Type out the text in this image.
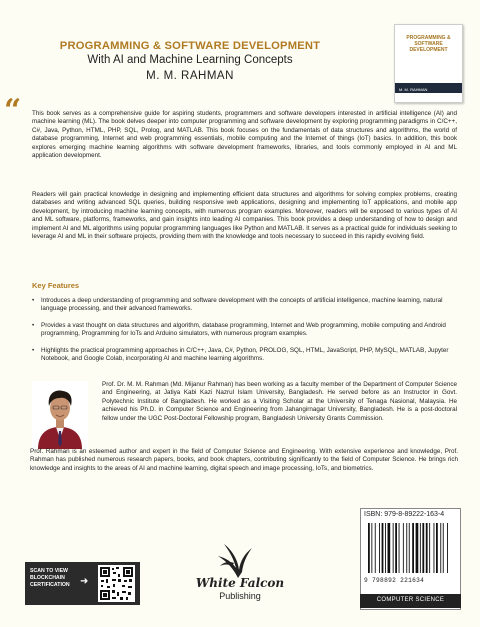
PROGRAMMING & SOFTWARE DEVELOPMENT
With AI and Machine Learning Concepts
M. M. RAHMAN
PROGRAMMING & SOFTWARE DEVELOPMENT
M. M. RAHMAN
“ This book serves as a comprehensive guide for aspiring students, programmers and software developers interested in artificial intelligence (AI) and machine learning (ML). The book delves deeper into computer programming and software development by exploring programming paradigms in C/C++, C#, Java, Python, HTML, PHP, SQL, Prolog, and MATLAB. This book focuses on the fundamentals of data structures and algorithms, the world of database programming, Internet and web programming essentials, mobile computing and the Internet of things (IoT) basics. In addition, this book explores emerging machine learning algorithms with software development frameworks, libraries, and tools commonly employed in AI and ML application development.
Readers will gain practical knowledge in designing and implementing efficient data structures and algorithms for solving complex problems, creating databases and writing advanced SQL queries, building responsive web applications, designing and implementing IoT applications, and mobile app development, by introducing machine learning concepts, with numerous program examples. Moreover, readers will be exposed to various types of AI and ML software, platforms, frameworks, and gain insights into leading AI companies. This book provides a deep understanding of how to design and implement AI and ML algorithms using popular programming languages like Python and MATLAB. It serves as a practical guide for individuals seeking to leverage AI and ML in their software projects, providing them with the knowledge and tools necessary to succeed in this rapidly evolving field.
Key Features
• Introduces a deep understanding of programming and software development with the concepts of artificial intelligence, machine learning, natural language processing, and their advanced frameworks.
• Provides a vast thought on data structures and algorithm, database programming, Internet and Web programming, mobile computing and Android programming, Programming for IoTs and Arduino simulators, with numerous program examples.
• Highlights the practical programming approaches in C/C++, Java, C#, Python, PROLOG, SQL, HTML, JavaScript, PHP, MySQL, MATLAB, Jupyter Notebook, and Google Colab, incorporating AI and machine learning algorithms.
Prof. Dr. M. M. Rahman (Md. Mijanur Rahman) has been working as a faculty member of the Department of Computer Science and Engineering, at Jatiya Kabi Kazi Nazrul Islam University, Bangladesh. He served before as an Instructor in Govt. Polytechnic Institute of Bangladesh. He worked as a Visiting Scholar at the University of Tenaga Nasional, Malaysia. He achieved his Ph.D. in Computer Science and Engineering from Jahangirnagar University, Bangladesh. He is a post-doctoral fellow under the UGC Post-Doctoral Fellowship program, Bangladesh University Grants Commission.
Prof. Rahman is an esteemed author and expert in the field of Computer Science and Engineering. With extensive experience and knowledge, Prof. Rahman has published numerous research papers, books, and book chapters, contributing significantly to the field of Computer Science. He brings rich knowledge and insights to the areas of AI and machine learning, digital speech and image processing, IoTs, and biometrics.
SCAN TO VIEW BLOCKCHAIN CERTIFICATION	➜	White Falcon
Publishing
ISBN: 979-8-89222-163-4
9 798892 221634
COMPUTER SCIENCE
